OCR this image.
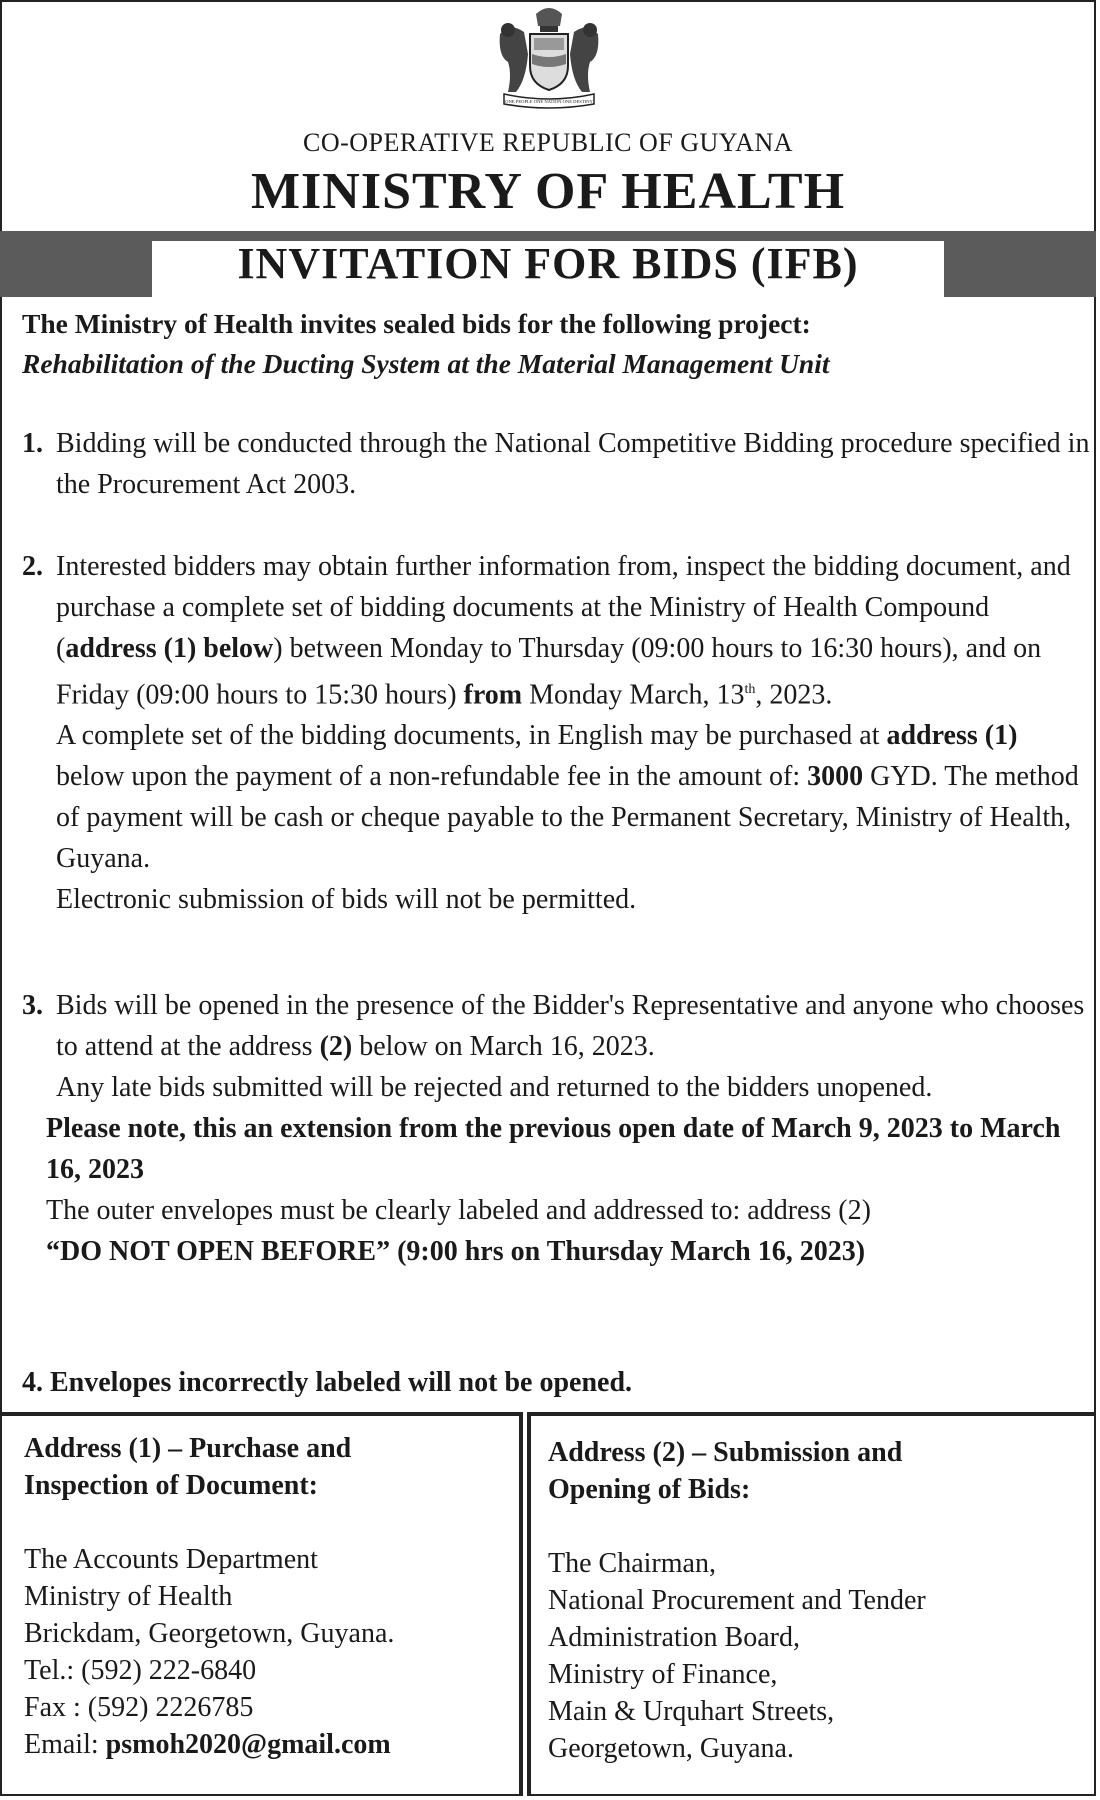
ONE PEOPLE ONE NATION ONE DESTINY
CO-OPERATIVE REPUBLIC OF GUYANA
MINISTRY OF HEALTH
INVITATION FOR BIDS (IFB)
The Ministry of Health invites sealed bids for the following project:
Rehabilitation of the Ducting System at the Material Management Unit
1. Bidding will be conducted through the National Competitive Bidding procedure specified in the Procurement Act 2003.
2. Interested bidders may obtain further information from, inspect the bidding document, and purchase a complete set of bidding documents at the Ministry of Health Compound (address (1) below) between Monday to Thursday (09:00 hours to 16:30 hours), and on Friday (09:00 hours to 15:30 hours) from Monday March, 13th, 2023.
A complete set of the bidding documents, in English may be purchased at address (1) below upon the payment of a non-refundable fee in the amount of: 3000 GYD. The method of payment will be cash or cheque payable to the Permanent Secretary, Ministry of Health, Guyana.
Electronic submission of bids will not be permitted.
3. Bids will be opened in the presence of the Bidder's Representative and anyone who chooses to attend at the address (2) below on March 16, 2023.
Any late bids submitted will be rejected and returned to the bidders unopened.
Please note, this an extension from the previous open date of March 9, 2023 to March 16, 2023
The outer envelopes must be clearly labeled and addressed to: address (2)
“DO NOT OPEN BEFORE” (9:00 hrs on Thursday March 16, 2023)
4. Envelopes incorrectly labeled will not be opened.
Address (1) – Purchase and
Inspection of Document:
The Accounts Department
Ministry of Health
Brickdam, Georgetown, Guyana.
Tel.: (592) 222-6840
Fax : (592) 2226785
Email: psmoh2020@gmail.com
Address (2) – Submission and
Opening of Bids:
The Chairman,
National Procurement and Tender
Administration Board,
Ministry of Finance,
Main & Urquhart Streets,
Georgetown, Guyana.
